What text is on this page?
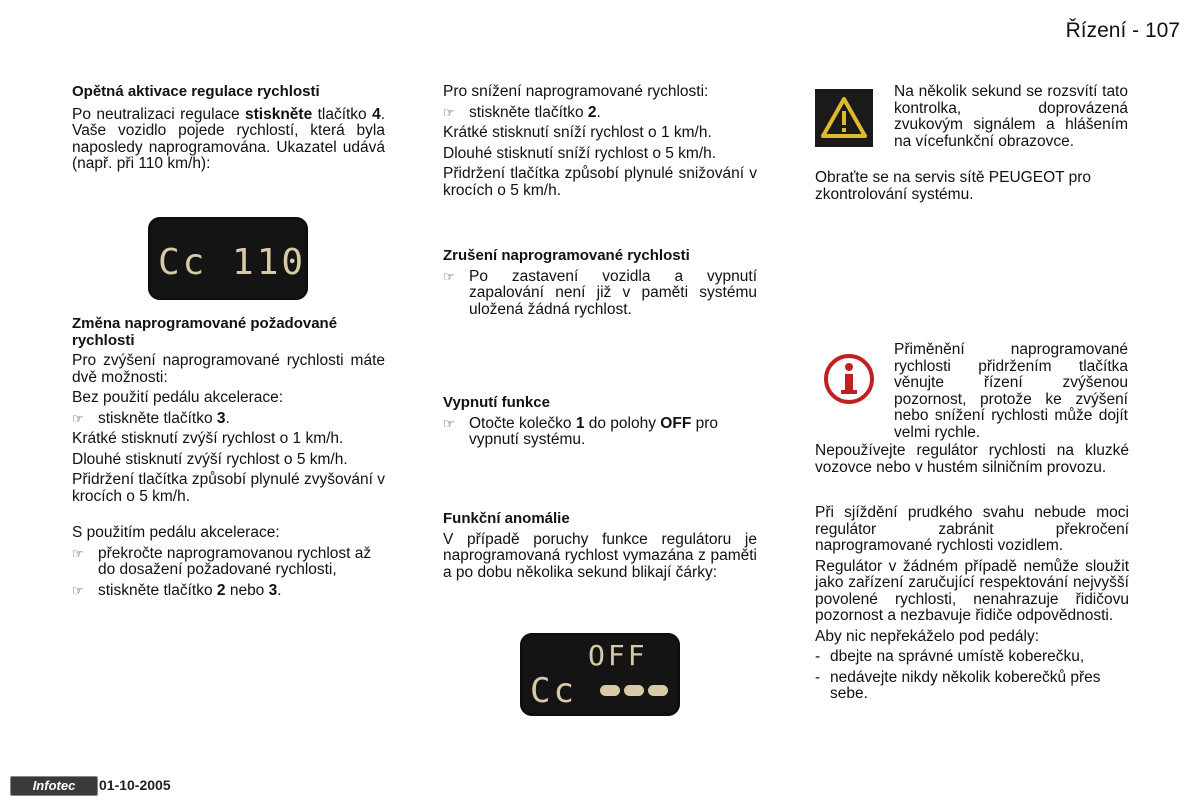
Řízení - 107

Opětná aktivace regulace rychlosti

Po neutralizaci regulace stiskněte tlačítko 4. Vaše vozidlo pojede rychlostí, která byla naposledy naprogramována. Ukazatel udává (např. při 110 km/h):

Cc 110

Změna naprogramované požadované rychlosti

Pro zvýšení naprogramované rychlosti máte dvě možnosti:

Bez použití pedálu akcelerace:

☞ stiskněte tlačítko 3.

Krátké stisknutí zvýší rychlost o 1 km/h.

Dlouhé stisknutí zvýší rychlost o 5 km/h.

Přidržení tlačítka způsobí plynulé zvyšování v krocích o 5 km/h.

S použitím pedálu akcelerace:

☞ překročte naprogramovanou rychlost až do dosažení požadované rychlosti,

☞ stiskněte tlačítko 2 nebo 3.

Pro snížení naprogramované rychlosti:

☞ stiskněte tlačítko 2.

Krátké stisknutí sníží rychlost o 1 km/h.

Dlouhé stisknutí sníží rychlost o 5 km/h.

Přidržení tlačítka způsobí plynulé snižování v krocích o 5 km/h.

Zrušení naprogramované rychlosti

☞ Po zastavení vozidla a vypnutí zapalování není již v paměti systému uložená žádná rychlost.

Vypnutí funkce

☞ Otočte kolečko 1 do polohy OFF pro vypnutí systému.

Funkční anomálie

V případě poruchy funkce regulátoru je naprogramovaná rychlost vymazána z paměti a po dobu několika sekund blikají čárky:

OFF
Cc
Na několik sekund se rozsvítí tato kontrolka, doprovázená zvukovým signálem a hlášením na vícefunkční obrazovce.

Obraťte se na servis sítě PEUGEOT pro zkontrolování systému.

Přiměnění naprogramované rychlosti přidržením tlačítka věnujte řízení zvýšenou pozornost, protože ke zvýšení nebo snížení rychlosti může dojít velmi rychle.

Nepoužívejte regulátor rychlosti na kluzké vozovce nebo v hustém silničním provozu.

Při sjíždění prudkého svahu nebude moci regulátor zabránit překročení naprogramované rychlosti vozidlem.

Regulátor v žádném případě nemůže sloužit jako zařízení zaručující respektování nejvyšší povolené rychlosti, nenahrazuje řidičovu pozornost a nezbavuje řidiče odpovědnosti.

Aby nic nepřekáželo pod pedály:

- dbejte na správné umístě koberečku,

- nedávejte nikdy několik koberečků přes sebe.

Infotec	01-10-2005
